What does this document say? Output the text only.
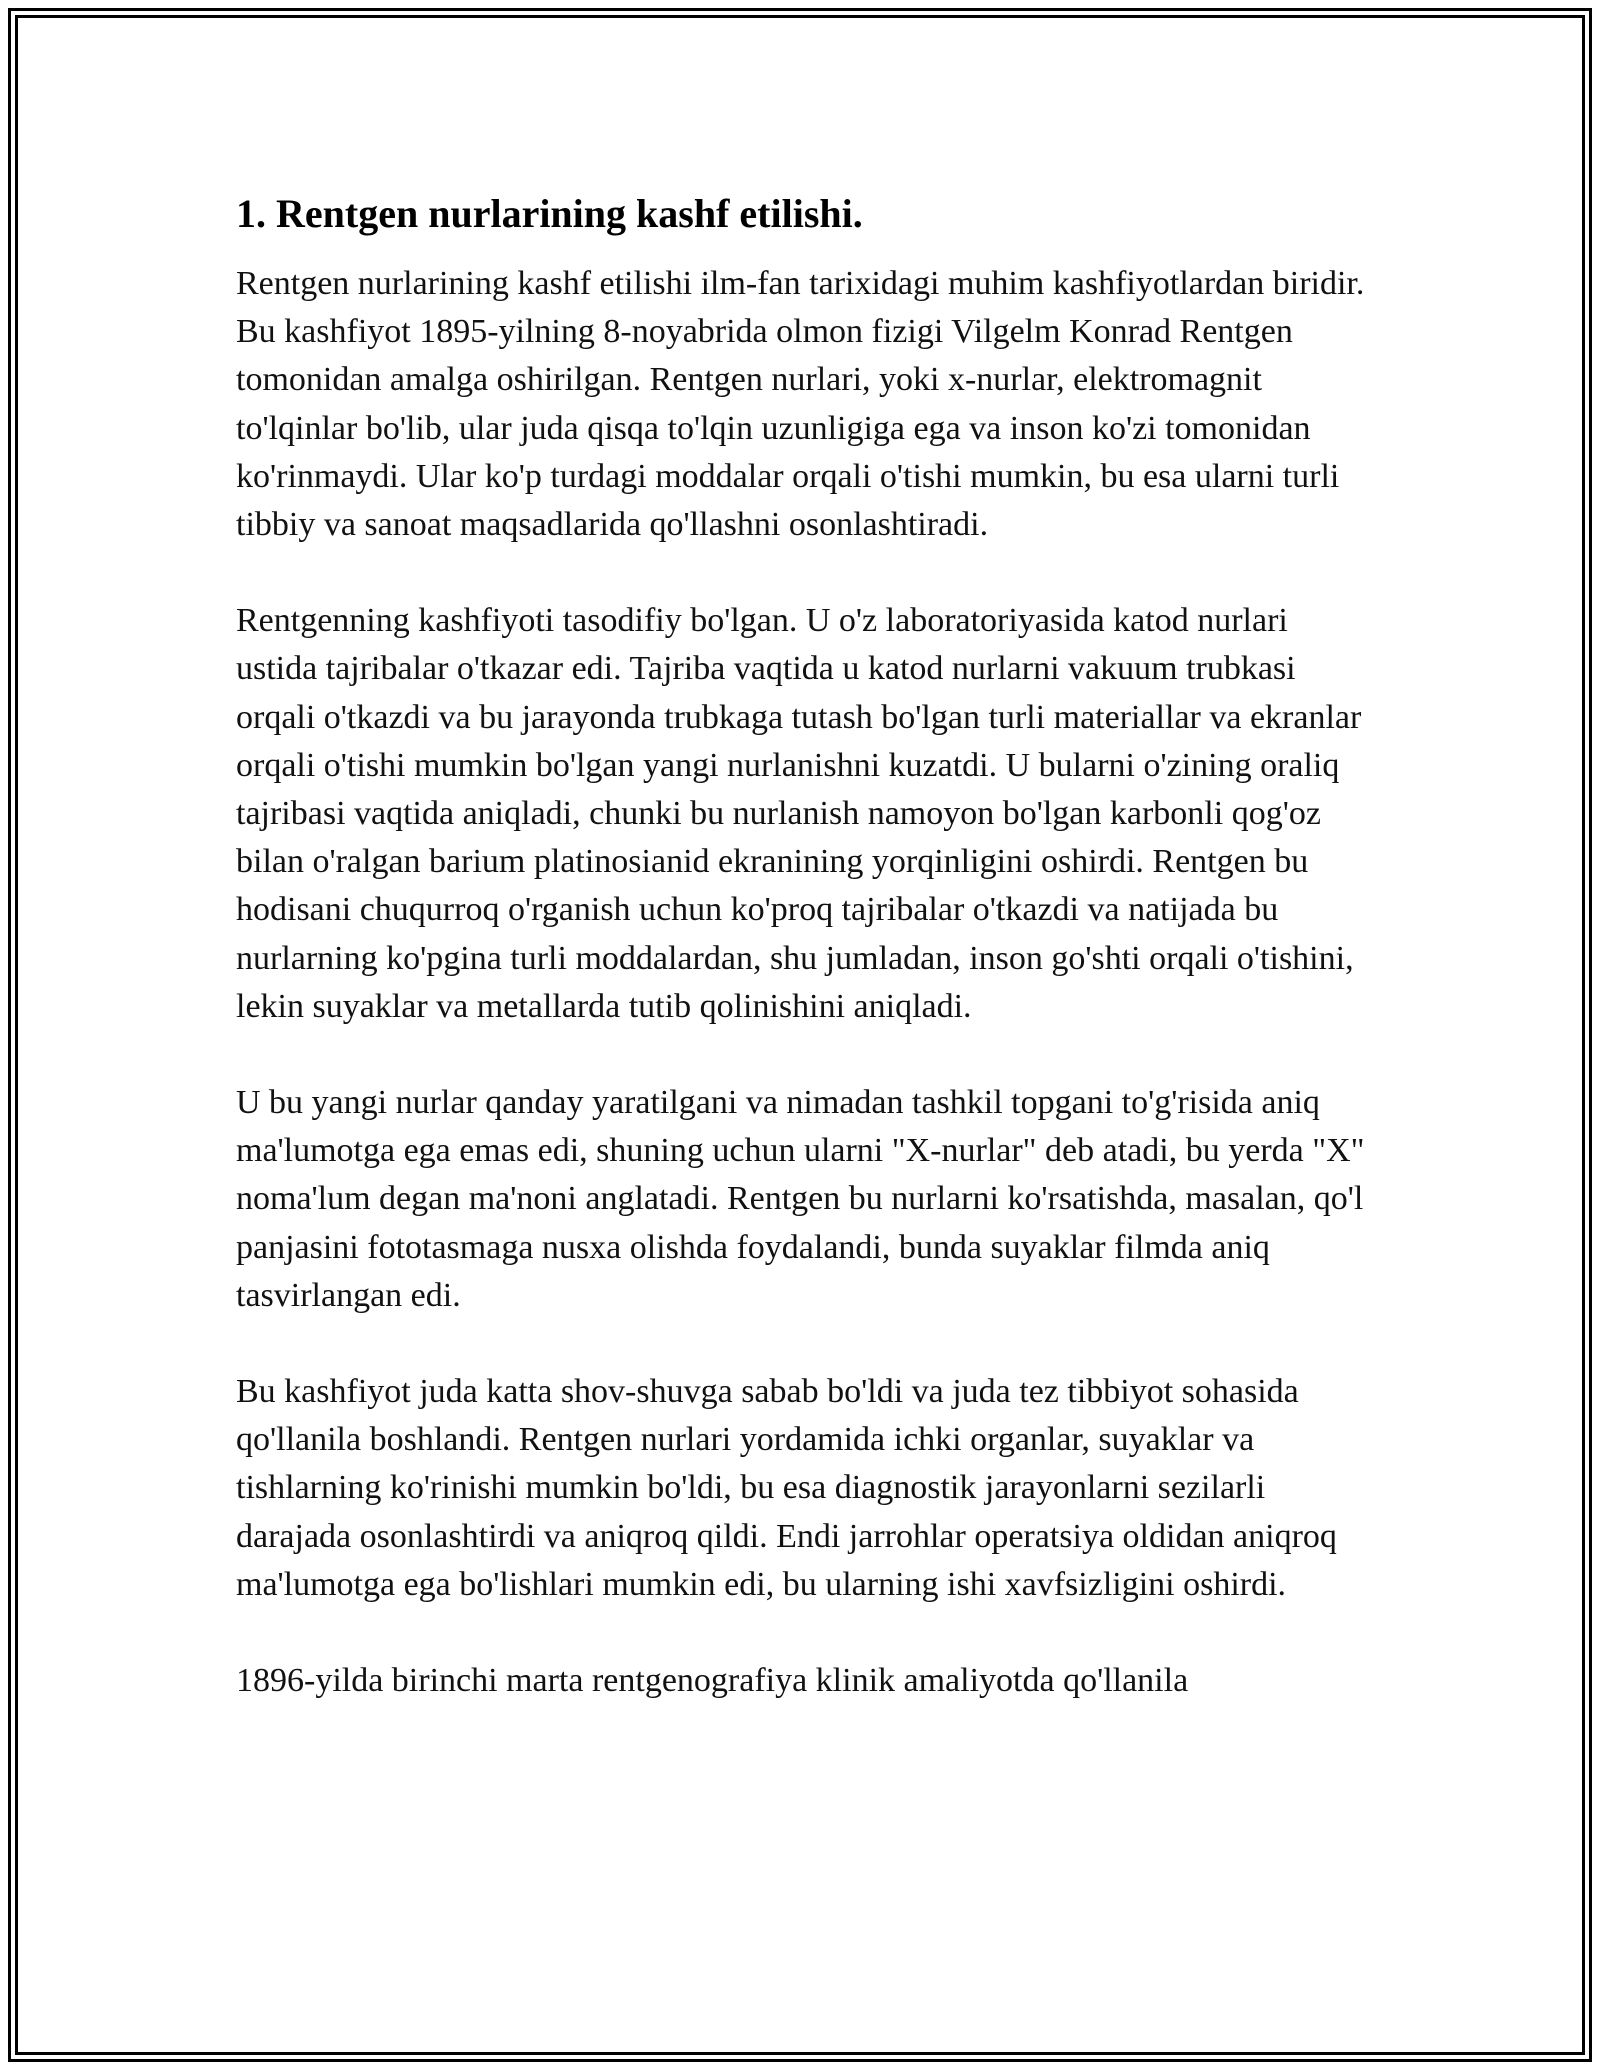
1. Rentgen nurlarining kashf etilishi.

Rentgen nurlarining kashf etilishi ilm-fan tarixidagi muhim kashfiyotlardan biridir. Bu kashfiyot 1895-yilning 8-noyabrida olmon fizigi Vilgelm Konrad Rentgen tomonidan amalga oshirilgan. Rentgen nurlari, yoki x-nurlar, elektromagnit to'lqinlar bo'lib, ular juda qisqa to'lqin uzunligiga ega va inson ko'zi tomonidan ko'rinmaydi. Ular ko'p turdagi moddalar orqali o'tishi mumkin, bu esa ularni turli tibbiy va sanoat maqsadlarida qo'llashni osonlashtiradi.

Rentgenning kashfiyoti tasodifiy bo'lgan. U o'z laboratoriyasida katod nurlari ustida tajribalar o'tkazar edi. Tajriba vaqtida u katod nurlarni vakuum trubkasi orqali o'tkazdi va bu jarayonda trubkaga tutash bo'lgan turli materiallar va ekranlar orqali o'tishi mumkin bo'lgan yangi nurlanishni kuzatdi. U bularni o'zining oraliq tajribasi vaqtida aniqladi, chunki bu nurlanish namoyon bo'lgan karbonli qog'oz bilan o'ralgan barium platinosianid ekranining yorqinligini oshirdi. Rentgen bu hodisani chuqurroq o'rganish uchun ko'proq tajribalar o'tkazdi va natijada bu nurlarning ko'pgina turli moddalardan, shu jumladan, inson go'shti orqali o'tishini, lekin suyaklar va metallarda tutib qolinishini aniqladi.

U bu yangi nurlar qanday yaratilgani va nimadan tashkil topgani to'g'risida aniq ma'lumotga ega emas edi, shuning uchun ularni "X-nurlar" deb atadi, bu yerda "X" noma'lum degan ma'noni anglatadi. Rentgen bu nurlarni ko'rsatishda, masalan, qo'l panjasini fototasmaga nusxa olishda foydalandi, bunda suyaklar filmda aniq tasvirlangan edi.

Bu kashfiyot juda katta shov-shuvga sabab bo'ldi va juda tez tibbiyot sohasida qo'llanila boshlandi. Rentgen nurlari yordamida ichki organlar, suyaklar va tishlarning ko'rinishi mumkin bo'ldi, bu esa diagnostik jarayonlarni sezilarli darajada osonlashtirdi va aniqroq qildi. Endi jarrohlar operatsiya oldidan aniqroq ma'lumotga ega bo'lishlari mumkin edi, bu ularning ishi xavfsizligini oshirdi.

1896-yilda birinchi marta rentgenografiya klinik amaliyotda qo'llanila
